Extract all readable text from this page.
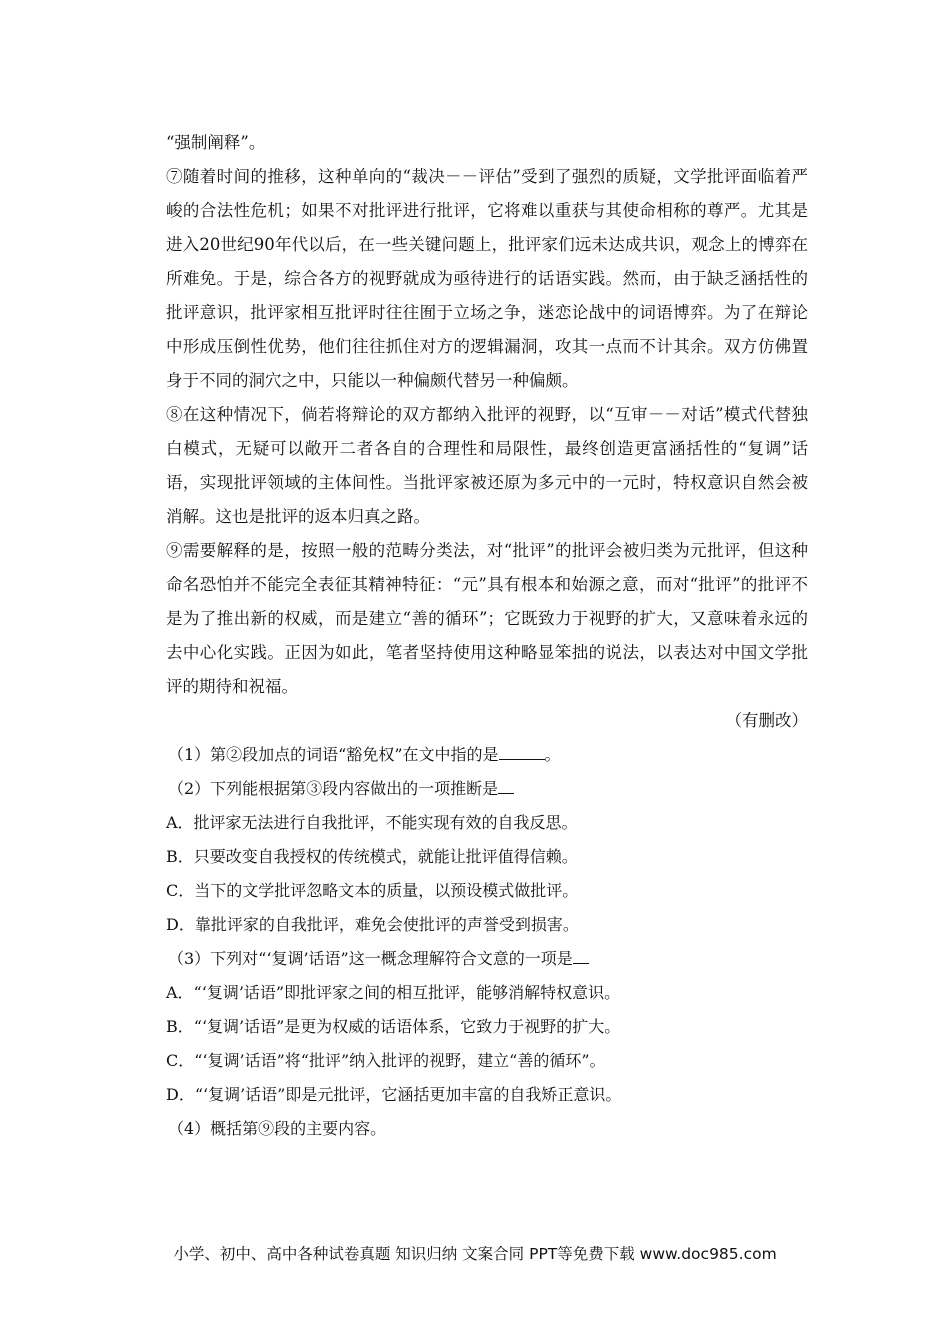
“强制阐释”。

⑦随着时间的推移，这种单向的“裁决－－评估”受到了强烈的质疑，文学批评面临着严峻的合法性危机；如果不对批评进行批评，它将难以重获与其使命相称的尊严。尤其是进入20世纪90年代以后，在一些关键问题上，批评家们远未达成共识，观念上的博弈在所难免。于是，综合各方的视野就成为亟待进行的话语实践。然而，由于缺乏涵括性的批评意识，批评家相互批评时往往囿于立场之争，迷恋论战中的词语博弈。为了在辩论中形成压倒性优势，他们往往抓住对方的逻辑漏洞，攻其一点而不计其余。双方仿佛置身于不同的洞穴之中，只能以一种偏颇代替另一种偏颇。

⑧在这种情况下，倘若将辩论的双方都纳入批评的视野，以“互审－－对话”模式代替独白模式，无疑可以敞开二者各自的合理性和局限性，最终创造更富涵括性的“复调”话语，实现批评领域的主体间性。当批评家被还原为多元中的一元时，特权意识自然会被消解。这也是批评的返本归真之路。

⑨需要解释的是，按照一般的范畴分类法，对“批评”的批评会被归类为元批评，但这种命名恐怕并不能完全表征其精神特征：“元”具有根本和始源之意，而对“批评”的批评不是为了推出新的权威，而是建立“善的循环”；它既致力于视野的扩大，又意味着永远的去中心化实践。正因为如此，笔者坚持使用这种略显笨拙的说法，以表达对中国文学批评的期待和祝福。

（有删改）

（1）第②段加点的词语“豁免权”在文中指的是	。

（2）下列能根据第③段内容做出的一项推断是

A．批评家无法进行自我批评，不能实现有效的自我反思。

B．只要改变自我授权的传统模式，就能让批评值得信赖。

C．当下的文学批评忽略文本的质量，以预设模式做批评。

D．靠批评家的自我批评，难免会使批评的声誉受到损害。

（3）下列对“‘复调’话语”这一概念理解符合文意的一项是

A．“‘复调’话语”即批评家之间的相互批评，能够消解特权意识。

B．“‘复调’话语”是更为权威的话语体系，它致力于视野的扩大。

C．“‘复调’话语”将“批评”纳入批评的视野，建立“善的循环”。

D．“‘复调’话语”即是元批评，它涵括更加丰富的自我矫正意识。

（4）概括第⑨段的主要内容。

小学、初中、高中各种试卷真题 知识归纳 文案合同 PPT等免费下载 www.doc985.com
